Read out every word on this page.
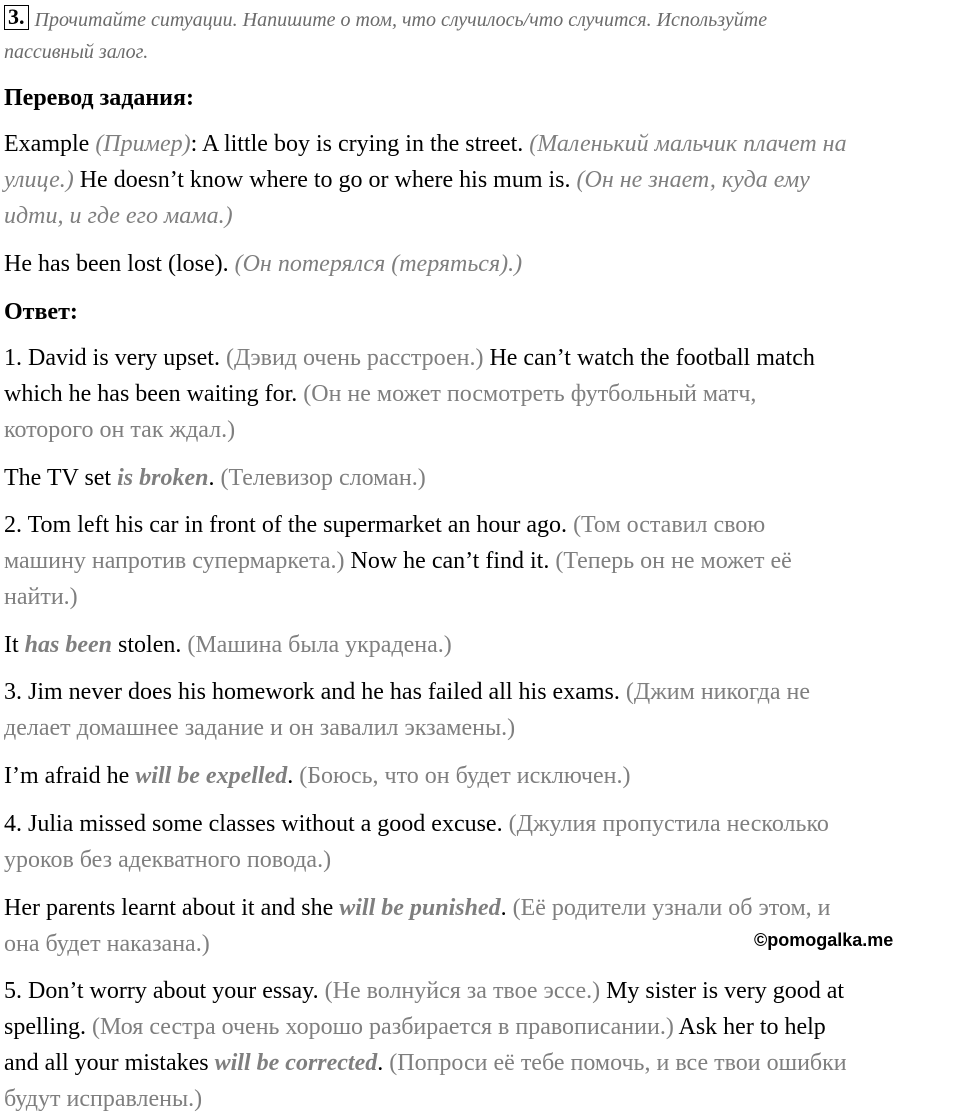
3. Прочитайте ситуации. Напишите о том, что случилось/что случится. Используйте
пассивный залог.
Перевод задания:
Example (Пример): A little boy is crying in the street. (Маленький мальчик плачет на
улице.) He doesn’t know where to go or where his mum is. (Он не знает, куда ему
идти, и где его мама.)
He has been lost (lose). (Он потерялся (теряться).)
Ответ:
1. David is very upset. (Дэвид очень расстроен.) He can’t watch the football match
which he has been waiting for. (Он не может посмотреть футбольный матч,
которого он так ждал.)
The TV set is broken. (Телевизор сломан.)
2. Tom left his car in front of the supermarket an hour ago. (Том оставил свою
машину напротив супермаркета.) Now he can’t find it. (Теперь он не может её
найти.)
It has been stolen. (Машина была украдена.)
3. Jim never does his homework and he has failed all his exams. (Джим никогда не
делает домашнее задание и он завалил экзамены.)
I’m afraid he will be expelled. (Боюсь, что он будет исключен.)
4. Julia missed some classes without a good excuse. (Джулия пропустила несколько
уроков без адекватного повода.)
Her parents learnt about it and she will be punished. (Её родители узнали об этом, и
она будет наказана.)
5. Don’t worry about your essay. (Не волнуйся за твое эссе.) My sister is very good at
spelling. (Моя сестра очень хорошо разбирается в правописании.) Ask her to help
and all your mistakes will be corrected. (Попроси её тебе помочь, и все твои ошибки
будут исправлены.)
©pomogalka.me
